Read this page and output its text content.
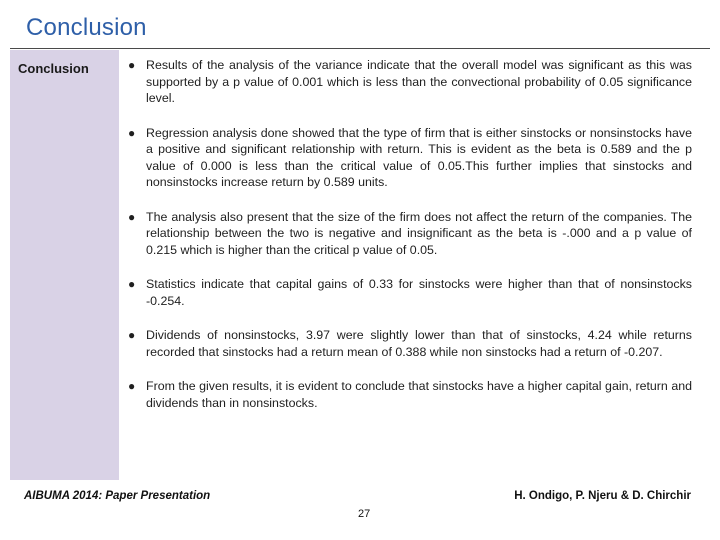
Conclusion
Conclusion	● Results of the analysis of the variance indicate that the overall model was significant as this was supported by a p value of 0.001 which is less than the convectional probability of 0.05 significance level.
● Regression analysis done showed that the type of firm that is either sinstocks or nonsinstocks have a positive and significant relationship with return. This is evident as the beta is 0.589 and the p value of 0.000 is less than the critical value of 0.05.This further implies that sinstocks and nonsinstocks increase return by 0.589 units.
● The analysis also present that the size of the firm does not affect the return of the companies. The relationship between the two is negative and insignificant as the beta is -.000 and a p value of 0.215 which is higher than the critical p value of 0.05.
● Statistics indicate that capital gains of 0.33 for sinstocks were higher than that of nonsinstocks -0.254.
● Dividends of nonsinstocks, 3.97 were slightly lower than that of sinstocks, 4.24 while returns recorded that sinstocks had a return mean of 0.388 while non sinstocks had a return of -0.207.
● From the given results, it is evident to conclude that sinstocks have a higher capital gain, return and dividends than in nonsinstocks.
AIBUMA 2014: Paper Presentation	H. Ondigo, P. Njeru & D. Chirchir
27
